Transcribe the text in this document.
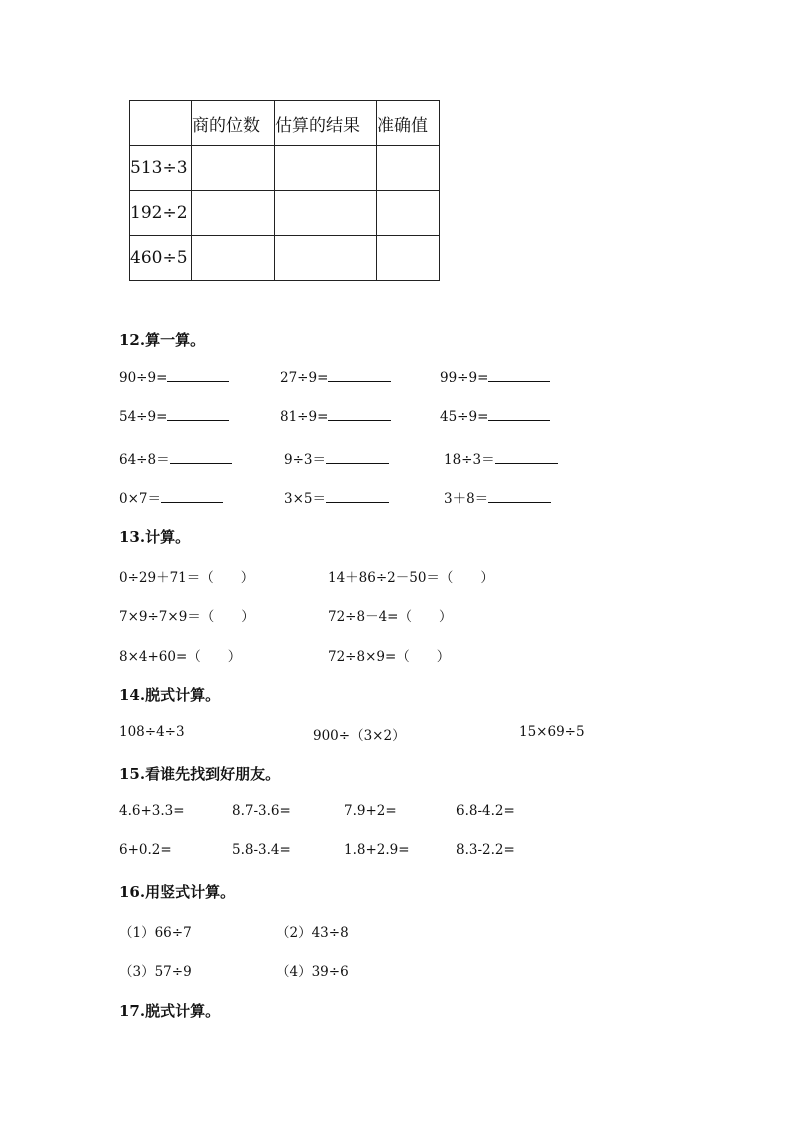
	商的位数	估算的结果	准确值
513÷3			
192÷2			
460÷5			
12.算一算。
90÷9=	27÷9=	99÷9=
54÷9=	81÷9=	45÷9=
64÷8＝	9÷3＝	18÷3＝
0×7＝	3×5＝	3＋8＝
13.计算。
0÷29＋71＝（　　）	14＋86÷2－50＝（　　）
7×9÷7×9＝（　　）	72÷8－4=（　　）
8×4+60=（　　）	72÷8×9=（　　）
14.脱式计算。
108÷4÷3	900÷（3×2）	15×69÷5
15.看谁先找到好朋友。
4.6+3.3=	8.7-3.6=	7.9+2=	6.8-4.2=
6+0.2=	5.8-3.4=	1.8+2.9=	8.3-2.2=
16.用竖式计算。
（1）66÷7	（2）43÷8
（3）57÷9	（4）39÷6
17.脱式计算。
